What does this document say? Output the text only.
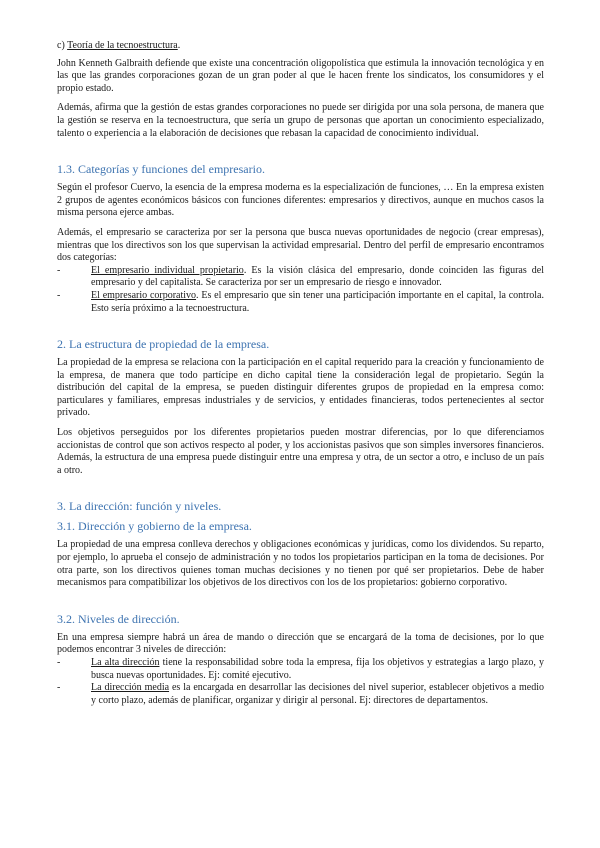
c) Teoría de la tecnoestructura.

John Kenneth Galbraith defiende que existe una concentración oligopolística que estimula la innovación tecnológica y en las que las grandes corporaciones gozan de un gran poder al que le hacen frente los sindicatos, los consumidores y el propio estado.

Además, afirma que la gestión de estas grandes corporaciones no puede ser dirigida por una sola persona, de manera que la gestión se reserva en la tecnoestructura, que sería un grupo de personas que aportan un conocimiento especializado, talento o experiencia a la elaboración de decisiones que rebasan la capacidad de conocimiento individual.

1.3. Categorías y funciones del empresario.

Según el profesor Cuervo, la esencia de la empresa moderna es la especialización de funciones, … En la empresa existen 2 grupos de agentes económicos básicos con funciones diferentes: empresarios y directivos, aunque en muchos casos la misma persona ejerce ambas.

Además, el empresario se caracteriza por ser la persona que busca nuevas oportunidades de negocio (crear empresas), mientras que los directivos son los que supervisan la actividad empresarial. Dentro del perfil de empresario encontramos dos categorías:

-	El empresario individual propietario. Es la visión clásica del empresario, donde coinciden las figuras del empresario y del capitalista. Se caracteriza por ser un empresario de riesgo e innovador.
-	El empresario corporativo. Es el empresario que sin tener una participación importante en el capital, la controla. Esto sería próximo a la tecnoestructura.
2. La estructura de propiedad de la empresa.

La propiedad de la empresa se relaciona con la participación en el capital requerido para la creación y funcionamiento de la empresa, de manera que todo partícipe en dicho capital tiene la consideración legal de propietario. Según la distribución del capital de la empresa, se pueden distinguir diferentes grupos de propiedad en la empresa como: particulares y familiares, empresas industriales y de servicios, y entidades financieras, todos pertenecientes al sector privado.

Los objetivos perseguidos por los diferentes propietarios pueden mostrar diferencias, por lo que diferenciamos accionistas de control que son activos respecto al poder, y los accionistas pasivos que son simples inversores financieros. Además, la estructura de una empresa puede distinguir entre una empresa y otra, de un sector a otro, e incluso de un país a otro.

3. La dirección: función y niveles.
3.1. Dirección y gobierno de la empresa.

La propiedad de una empresa conlleva derechos y obligaciones económicas y jurídicas, como los dividendos. Su reparto, por ejemplo, lo aprueba el consejo de administración y no todos los propietarios participan en la toma de decisiones. Por otra parte, son los directivos quienes toman muchas decisiones y no tienen por qué ser propietarios. Debe de haber mecanismos para compatibilizar los objetivos de los directivos con los de los propietarios: gobierno corporativo.

3.2. Niveles de dirección.

En una empresa siempre habrá un área de mando o dirección que se encargará de la toma de decisiones, por lo que podemos encontrar 3 niveles de dirección:

-	La alta dirección tiene la responsabilidad sobre toda la empresa, fija los objetivos y estrategias a largo plazo, y busca nuevas oportunidades. Ej: comité ejecutivo.
-	La dirección media es la encargada en desarrollar las decisiones del nivel superior, establecer objetivos a medio y corto plazo, además de planificar, organizar y dirigir al personal. Ej: directores de departamentos.
